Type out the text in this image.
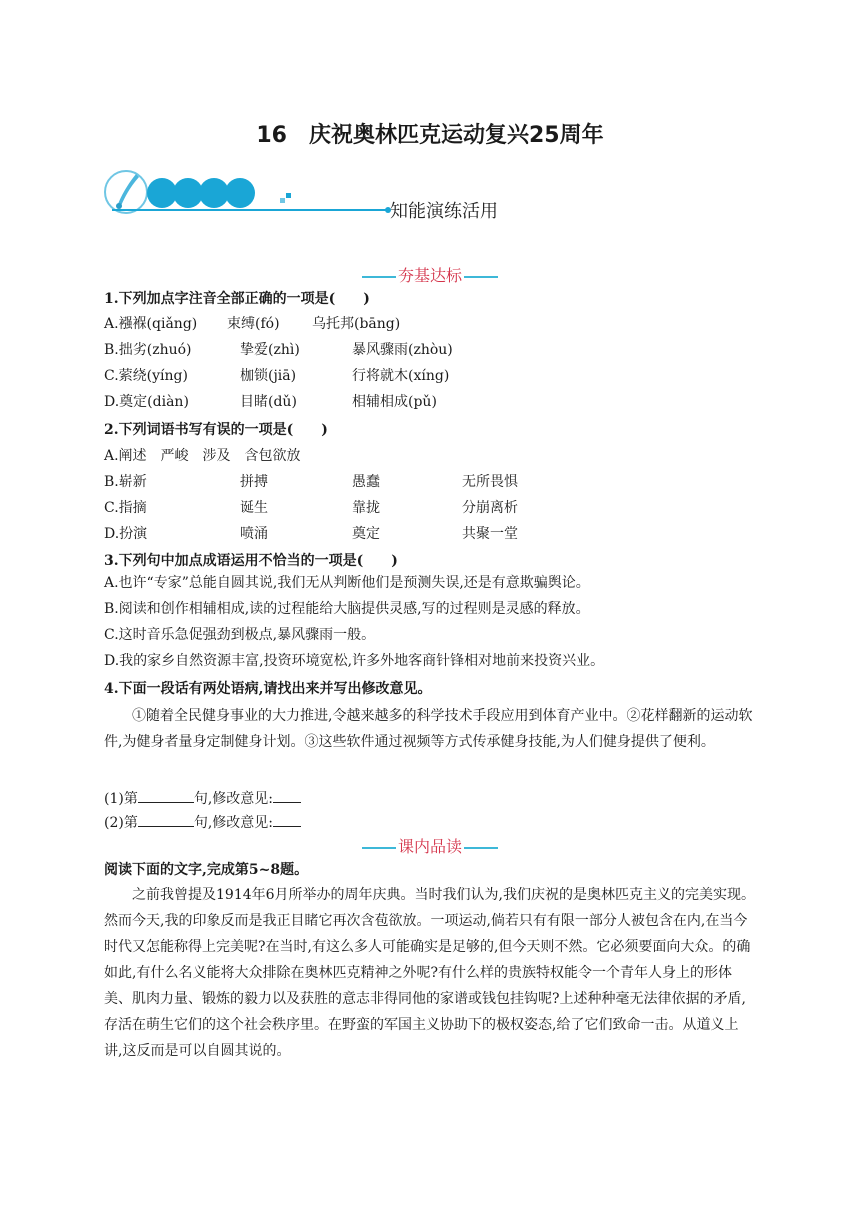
16　庆祝奥林匹克运动复兴25周年
知能演练活用
夯基达标
1.下列加点字注音全部正确的一项是(　　)
A.襁褓(qiǎng) 束缚(fó) 乌托邦(bāng)
B.拙劣(zhuó)	挚爱(zhì)	暴风骤雨(zhòu)
C.萦绕(yíng)	枷锁(jiā)	行将就木(xíng)
D.奠定(diàn)	目睹(dǔ)	相辅相成(pǔ)
2.下列词语书写有误的一项是(　　)
A.阐述　严峻　涉及　含包欲放
B.崭新	拼搏	愚蠢	无所畏惧
C.指摘	诞生	靠拢	分崩离析
D.扮演	喷涌	奠定	共聚一堂
3.下列句中加点成语运用不恰当的一项是(　　)
A.也许“专家”总能自圆其说,我们无从判断他们是预测失误,还是有意欺骗舆论。
B.阅读和创作相辅相成,读的过程能给大脑提供灵感,写的过程则是灵感的释放。
C.这时音乐急促强劲到极点,暴风骤雨一般。
D.我的家乡自然资源丰富,投资环境宽松,许多外地客商针锋相对地前来投资兴业。
4.下面一段话有两处语病,请找出来并写出修改意见。
①随着全民健身事业的大力推进,令越来越多的科学技术手段应用到体育产业中。②花样翻新的运动软件,为健身者量身定制健身计划。③这些软件通过视频等方式传承健身技能,为人们健身提供了便利。
(1)第	句,修改意见:
(2)第	句,修改意见:
课内品读
阅读下面的文字,完成第5~8题。
之前我曾提及1914年6月所举办的周年庆典。当时我们认为,我们庆祝的是奥林匹克主义的完美实现。然而今天,我的印象反而是我正目睹它再次含苞欲放。一项运动,倘若只有有限一部分人被包含在内,在当今时代又怎能称得上完美呢?在当时,有这么多人可能确实是足够的,但今天则不然。它必须要面向大众。的确如此,有什么名义能将大众排除在奥林匹克精神之外呢?有什么样的贵族特权能令一个青年人身上的形体美、肌肉力量、锻炼的毅力以及获胜的意志非得同他的家谱或钱包挂钩呢?上述种种毫无法律依据的矛盾,存活在萌生它们的这个社会秩序里。在野蛮的军国主义协助下的极权姿态,给了它们致命一击。从道义上讲,这反而是可以自圆其说的。
